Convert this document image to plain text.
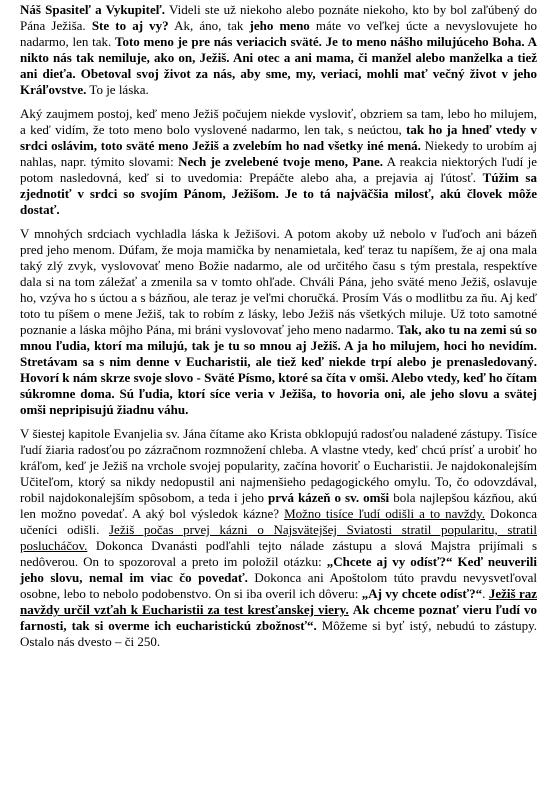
Náš Spasiteľ a Vykupiteľ. Videli ste už niekoho alebo poznáte niekoho, kto by bol zaľúbený do Pána Ježiša. Ste to aj vy? Ak, áno, tak jeho meno máte vo veľkej úcte a nevyslovujete ho nadarmo, len tak. Toto meno je pre nás veriacich sväté. Je to meno nášho milujúceho Boha. A nikto nás tak nemiluje, ako on, Ježiš. Ani otec a ani mama, či manžel alebo manželka a tiež ani dieťa. Obetoval svoj život za nás, aby sme, my, veriaci, mohli mať večný život v jeho Kráľovstve. To je láska.

Aký zaujmem postoj, keď meno Ježiš počujem niekde vysloviť, obzriem sa tam, lebo ho milujem, a keď vidím, že toto meno bolo vyslovené nadarmo, len tak, s neúctou, tak ho ja hneď vtedy v srdci oslávim, toto sväté meno Ježiš a zvelebím ho nad všetky iné mená. Niekedy to urobím aj nahlas, napr. týmito slovami: Nech je zvelebené tvoje meno, Pane. A reakcia niektorých ľudí je potom nasledovná, keď si to uvedomia: Prepáčte alebo aha, a prejavia aj ľútosť. Túžim sa zjednotiť v srdci so svojím Pánom, Ježišom. Je to tá najväčšia milosť, akú človek môže dostať.

V mnohých srdciach vychladla láska k Ježišovi. A potom akoby už nebolo v ľuďoch ani bázeň pred jeho menom. Dúfam, že moja mamička by nenamietala, keď teraz tu napíšem, že aj ona mala taký zlý zvyk, vyslovovať meno Božie nadarmo, ale od určitého času s tým prestala, respektíve dala si na tom záležať a zmenila sa v tomto ohľade. Chváli Pána, jeho sväté meno Ježiš, oslavuje ho, vzýva ho s úctou a s bázňou, ale teraz je veľmi choručká. Prosím Vás o modlitbu za ňu. Aj keď toto tu píšem o mene Ježiš, tak to robím z lásky, lebo Ježiš nás všetkých miluje. Už toto samotné poznanie a láska môjho Pána, mi bráni vyslovovať jeho meno nadarmo. Tak, ako tu na zemi sú so mnou ľudia, ktorí ma milujú, tak je tu so mnou aj Ježiš. A ja ho milujem, hoci ho nevidím. Stretávam sa s nim denne v Eucharistii, ale tiež keď niekde trpí alebo je prenasledovaný. Hovorí k nám skrze svoje slovo - Sväté Písmo, ktoré sa číta v omši. Alebo vtedy, keď ho čítam súkromne doma. Sú ľudia, ktorí síce veria v Ježiša, to hovoria oni, ale jeho slovu a svätej omši nepripisujú žiadnu váhu.

V šiestej kapitole Evanjelia sv. Jána čítame ako Krista obklopujú radosťou naladené zástupy. Tisíce ľudí žiaria radosťou po zázračnom rozmnožení chleba. A vlastne vtedy, keď chcú prísť a urobiť ho kráľom, keď je Ježiš na vrchole svojej popularity, začína hovoriť o Eucharistii. Je najdokonalejším Učiteľom, ktorý sa nikdy nedopustil ani najmenšieho pedagogického omylu. To, čo odovzdával, robil najdokonalejším spôsobom, a teda i jeho prvá kázeň o sv. omši bola najlepšou kázňou, akú len možno povedať. A aký bol výsledok kázne? Možno tisíce ľudí odišli a to navždy. Dokonca učeníci odišli. Ježiš počas prvej kázni o Najsvätejšej Sviatosti stratil popularitu, stratil poslucháčov. Dokonca Dvanásti podľahli tejto nálade zástupu a slová Majstra prijímali s nedôverou. On to spozoroval a preto im položil otázku: „Chcete aj vy odísť?“ Keď neuverili jeho slovu, nemal im viac čo povedať. Dokonca ani Apoštolom túto pravdu nevysvetľoval osobne, lebo to nebolo podobenstvo. On si iba overil ich dôveru: „Aj vy chcete odísť?“. Ježiš raz navždy určil vzťah k Eucharistii za test kresťanskej viery. Ak chceme poznať vieru ľudí vo farnosti, tak si overme ich eucharistickú zbožnosť“. Môžeme si byť istý, nebudú to zástupy. Ostalo nás dvesto – či 250.
